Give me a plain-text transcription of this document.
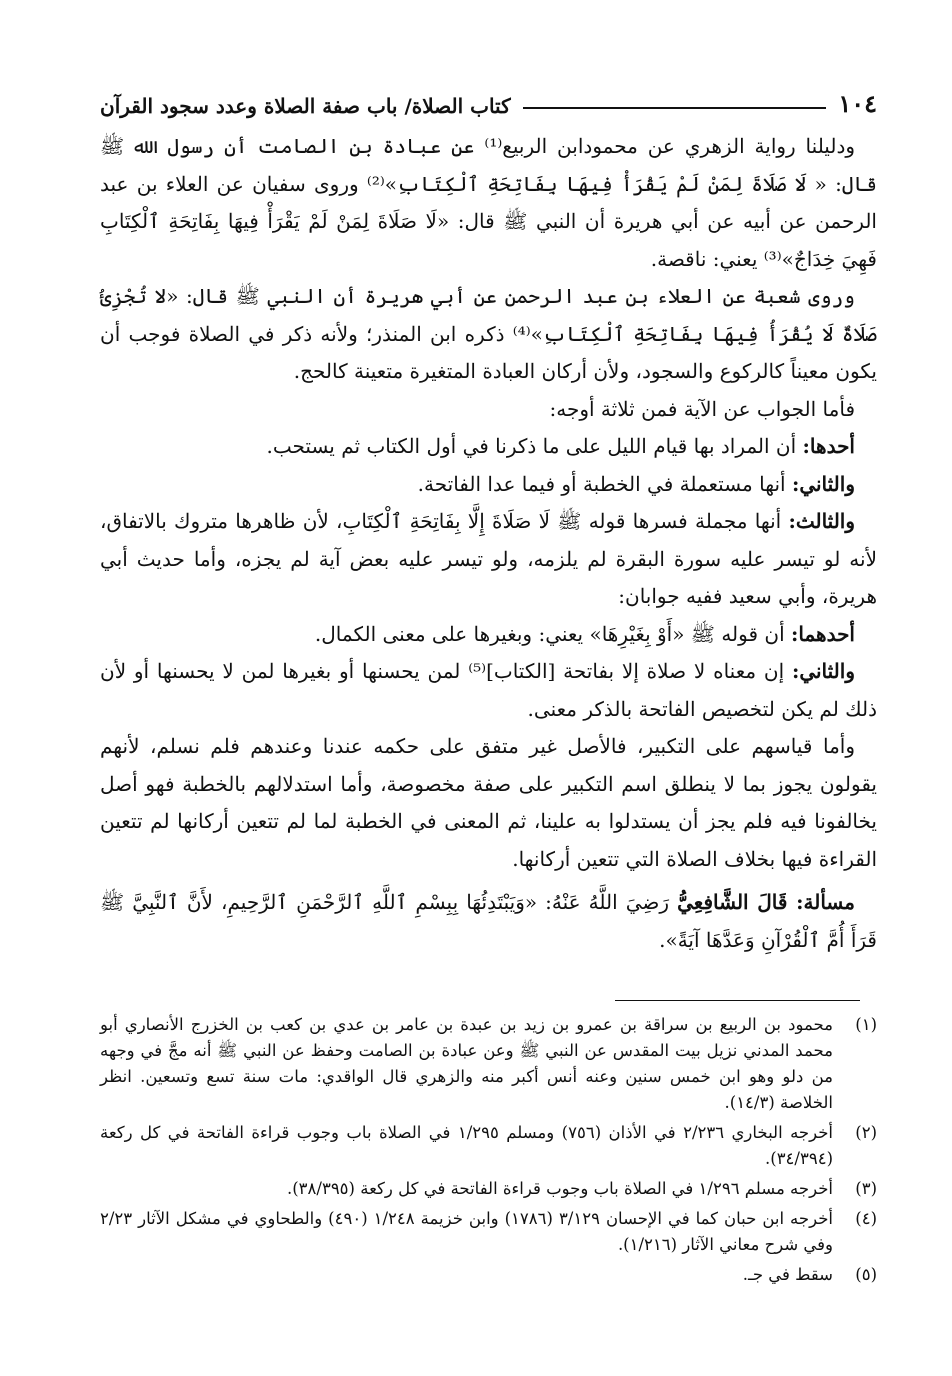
١٠٤
كتاب الصلاة/ باب صفة الصلاة وعدد سجود القرآن

ودليلنا رواية الزهري عن محمودابن الربيع⁽¹⁾ عن عبادة بن الصامت أن رسول الله ﷺ قال: « لَا صَلَاةَ لِمَنْ لَمْ يَقْرَأْ فِيهَا بِفَاتِحَةِ ٱلْكِتَابِ»⁽²⁾ وروى سفيان عن العلاء بن عبد الرحمن عن أبيه عن أبي هريرة أن النبي ﷺ قال: «لَا صَلَاةَ لِمَنْ لَمْ يَقْرَأْ فِيهَا بِفَاتِحَةِ ٱلْكِتَابِ فَهِيَ خِدَاجٌ»⁽³⁾ يعني: ناقصة.

وروى شعبة عن العلاء بن عبد الرحمن عن أبي هريرة أن النبي ﷺ قال: «لا تُجْزِئُ صَلَاةٌ لَا يُقْرَأُ فِيهَا بِفَاتِحَةِ ٱلْكِتَابِ»⁽⁴⁾ ذكره ابن المنذر؛ ولأنه ذكر في الصلاة فوجب أن يكون معيناً كالركوع والسجود، ولأن أركان العبادة المتغيرة متعينة كالحج.

فأما الجواب عن الآية فمن ثلاثة أوجه:

أحدها: أن المراد بها قيام الليل على ما ذكرنا في أول الكتاب ثم يستحب.

والثاني: أنها مستعملة في الخطبة أو فيما عدا الفاتحة.

والثالث: أنها مجملة فسرها قوله ﷺ لَا صَلَاةَ إِلَّا بِفَاتِحَةِ ٱلْكِتَابِ، لأن ظاهرها متروك بالاتفاق، لأنه لو تيسر عليه سورة البقرة لم يلزمه، ولو تيسر عليه بعض آية لم يجزه، وأما حديث أبي هريرة، وأبي سعيد ففيه جوابان:

أحدهما: أن قوله ﷺ «أَوْ بِغَيْرِهَا» يعني: وبغيرها على معنى الكمال.

والثاني: إن معناه لا صلاة إلا بفاتحة [الكتاب]⁽⁵⁾ لمن يحسنها أو بغيرها لمن لا يحسنها أو لأن ذلك لم يكن لتخصيص الفاتحة بالذكر معنى.

وأما قياسهم على التكبير، فالأصل غير متفق على حكمه عندنا وعندهم فلم نسلم، لأنهم يقولون يجوز بما لا ينطلق اسم التكبير على صفة مخصوصة، وأما استدلالهم بالخطبة فهو أصل يخالفونا فيه فلم يجز أن يستدلوا به علينا، ثم المعنى في الخطبة لما لم تتعين أركانها لم تتعين القراءة فيها بخلاف الصلاة التي تتعين أركانها.

مسألة: قَالَ الشَّافِعِيُّ رَضِيَ اللَّهُ عَنْهُ: «وَيَبْتَدِئُهَا بِبِسْمِ ٱللَّهِ ٱلرَّحْمَنِ ٱلرَّحِيمِ، لأَنَّ ٱلنَّبِيَّ ﷺ قَرَأَ أُمَّ ٱلْقُرْآنِ وَعَدَّهَا آيَةً».

(١)
محمود بن الربيع بن سراقة بن عمرو بن زيد بن عبدة بن عامر بن عدي بن كعب بن الخزرج الأنصاري أبو محمد المدني نزيل بيت المقدس عن النبي ﷺ وعن عبادة بن الصامت وحفظ عن النبي ﷺ أنه مجَّ في وجهه من دلو وهو ابن خمس سنين وعنه أنس أكبر منه والزهري قال الواقدي: مات سنة تسع وتسعين. انظر الخلاصة (١٤/٣).
(٢)
أخرجه البخاري ٢/٢٣٦ في الأذان (٧٥٦) ومسلم ١/٢٩٥ في الصلاة باب وجوب قراءة الفاتحة في كل ركعة (٣٤/٣٩٤).
(٣)
أخرجه مسلم ١/٢٩٦ في الصلاة باب وجوب قراءة الفاتحة في كل ركعة (٣٨/٣٩٥).
(٤)
أخرجه ابن حبان كما في الإحسان ٣/١٢٩ (١٧٨٦) وابن خزيمة ١/٢٤٨ (٤٩٠) والطحاوي في مشكل الآثار ٢/٢٣ وفي شرح معاني الآثار (١/٢١٦).
(٥)
سقط في جـ.
